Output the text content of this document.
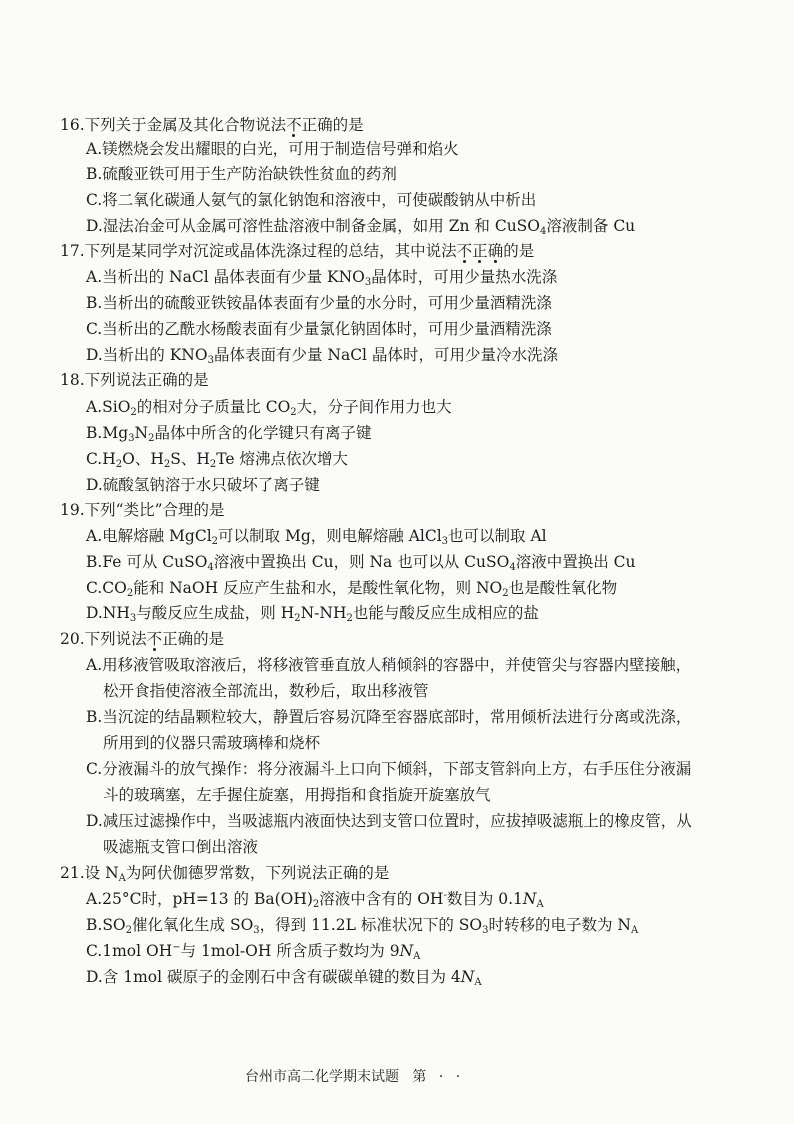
16.下列关于金属及其化合物说法不正确的是
A.镁燃烧会发出耀眼的白光，可用于制造信号弹和焰火
B.硫酸亚铁可用于生产防治缺铁性贫血的药剂
C.将二氧化碳通人氨气的氯化钠饱和溶液中，可使碳酸钠从中析出
D.湿法冶金可从金属可溶性盐溶液中制备金属，如用 Zn 和 CuSO$_4$溶液制备 Cu
17.下列是某同学对沉淀或晶体洗涤过程的总结，其中说法不正确的是
A.当析出的 NaCl 晶体表面有少量 $KNO_3$晶体时，可用少量热水洗涤
B.当析出的硫酸亚铁铵晶体表面有少量的水分时，可用少量酒精洗涤
C.当析出的乙酰水杨酸表面有少量氯化钠固体时，可用少量酒精洗涤
D.当析出的 $KNO_3$晶体表面有少量 NaCl 晶体时，可用少量冷水洗涤
18.下列说法正确的是
A.SiO$_2$的相对分子质量比 $CO_2$大，分子间作用力也大
$B.Mg_3N_2$晶体中所含的化学键只有离子键
$C.H_2O$、$H_2S$、$H_2Te$ 熔沸点依次增大
D.硫酸氢钠溶于水只破坏了离子键
19.下列“类比”合理的是
A.电解熔融 MgCl$_2$可以制取 Mg，则电解熔融 AlCl$_3$也可以制取 Al
B.Fe 可从 CuSO$_4$溶液中置换出 Cu，则 Na 也可以从 CuSO$_4$溶液中置换出 Cu
$C.CO_2$能和 NaOH 反应产生盐和水，是酸性氧化物，则 $NO_2$也是酸性氧化物
$D.NH_3$与酸反应生成盐，则 $H_2N-NH_2$也能与酸反应生成相应的盐
20.下列说法不正确的是
A.用移液管吸取溶液后，将移液管垂直放人稍倾斜的容器中，并使管尖与容器内壁接触，
松开食指使溶液全部流出，数秒后，取出移液管
B.当沉淀的结晶颗粒较大，静置后容易沉降至容器底部时，常用倾析法进行分离或洗涤，
所用到的仪器只需玻璃棒和烧杯
C.分液漏斗的放气操作：将分液漏斗上口向下倾斜，下部支管斜向上方，右手压住分液漏
斗的玻璃塞，左手握住旋塞，用拇指和食指旋开旋塞放气
D.减压过滤操作中，当吸滤瓶内液面快达到支管口位置时，应拔掉吸滤瓶上的橡皮管，从
吸滤瓶支管口倒出溶液
21.设 $N_A$为阿伏伽德罗常数，下列说法正确的是
A.25°C时，pH=13 的 $Ba(OH)_2$溶液中含有的 OH-数目为 $0.1N_A$
$B.SO_2$催化氧化生成 $SO_3$，得到 11.2L 标准状况下的 $SO_3$时转移的电子数为 $N_A$
C.1mol OH−与 1mol-OH 所含质子数均为 $9N_A$
D.含 1mol 碳原子的金刚石中含有碳碳单键的数目为 $4N_A$
台州市高二化学期末试题 第 · ·
